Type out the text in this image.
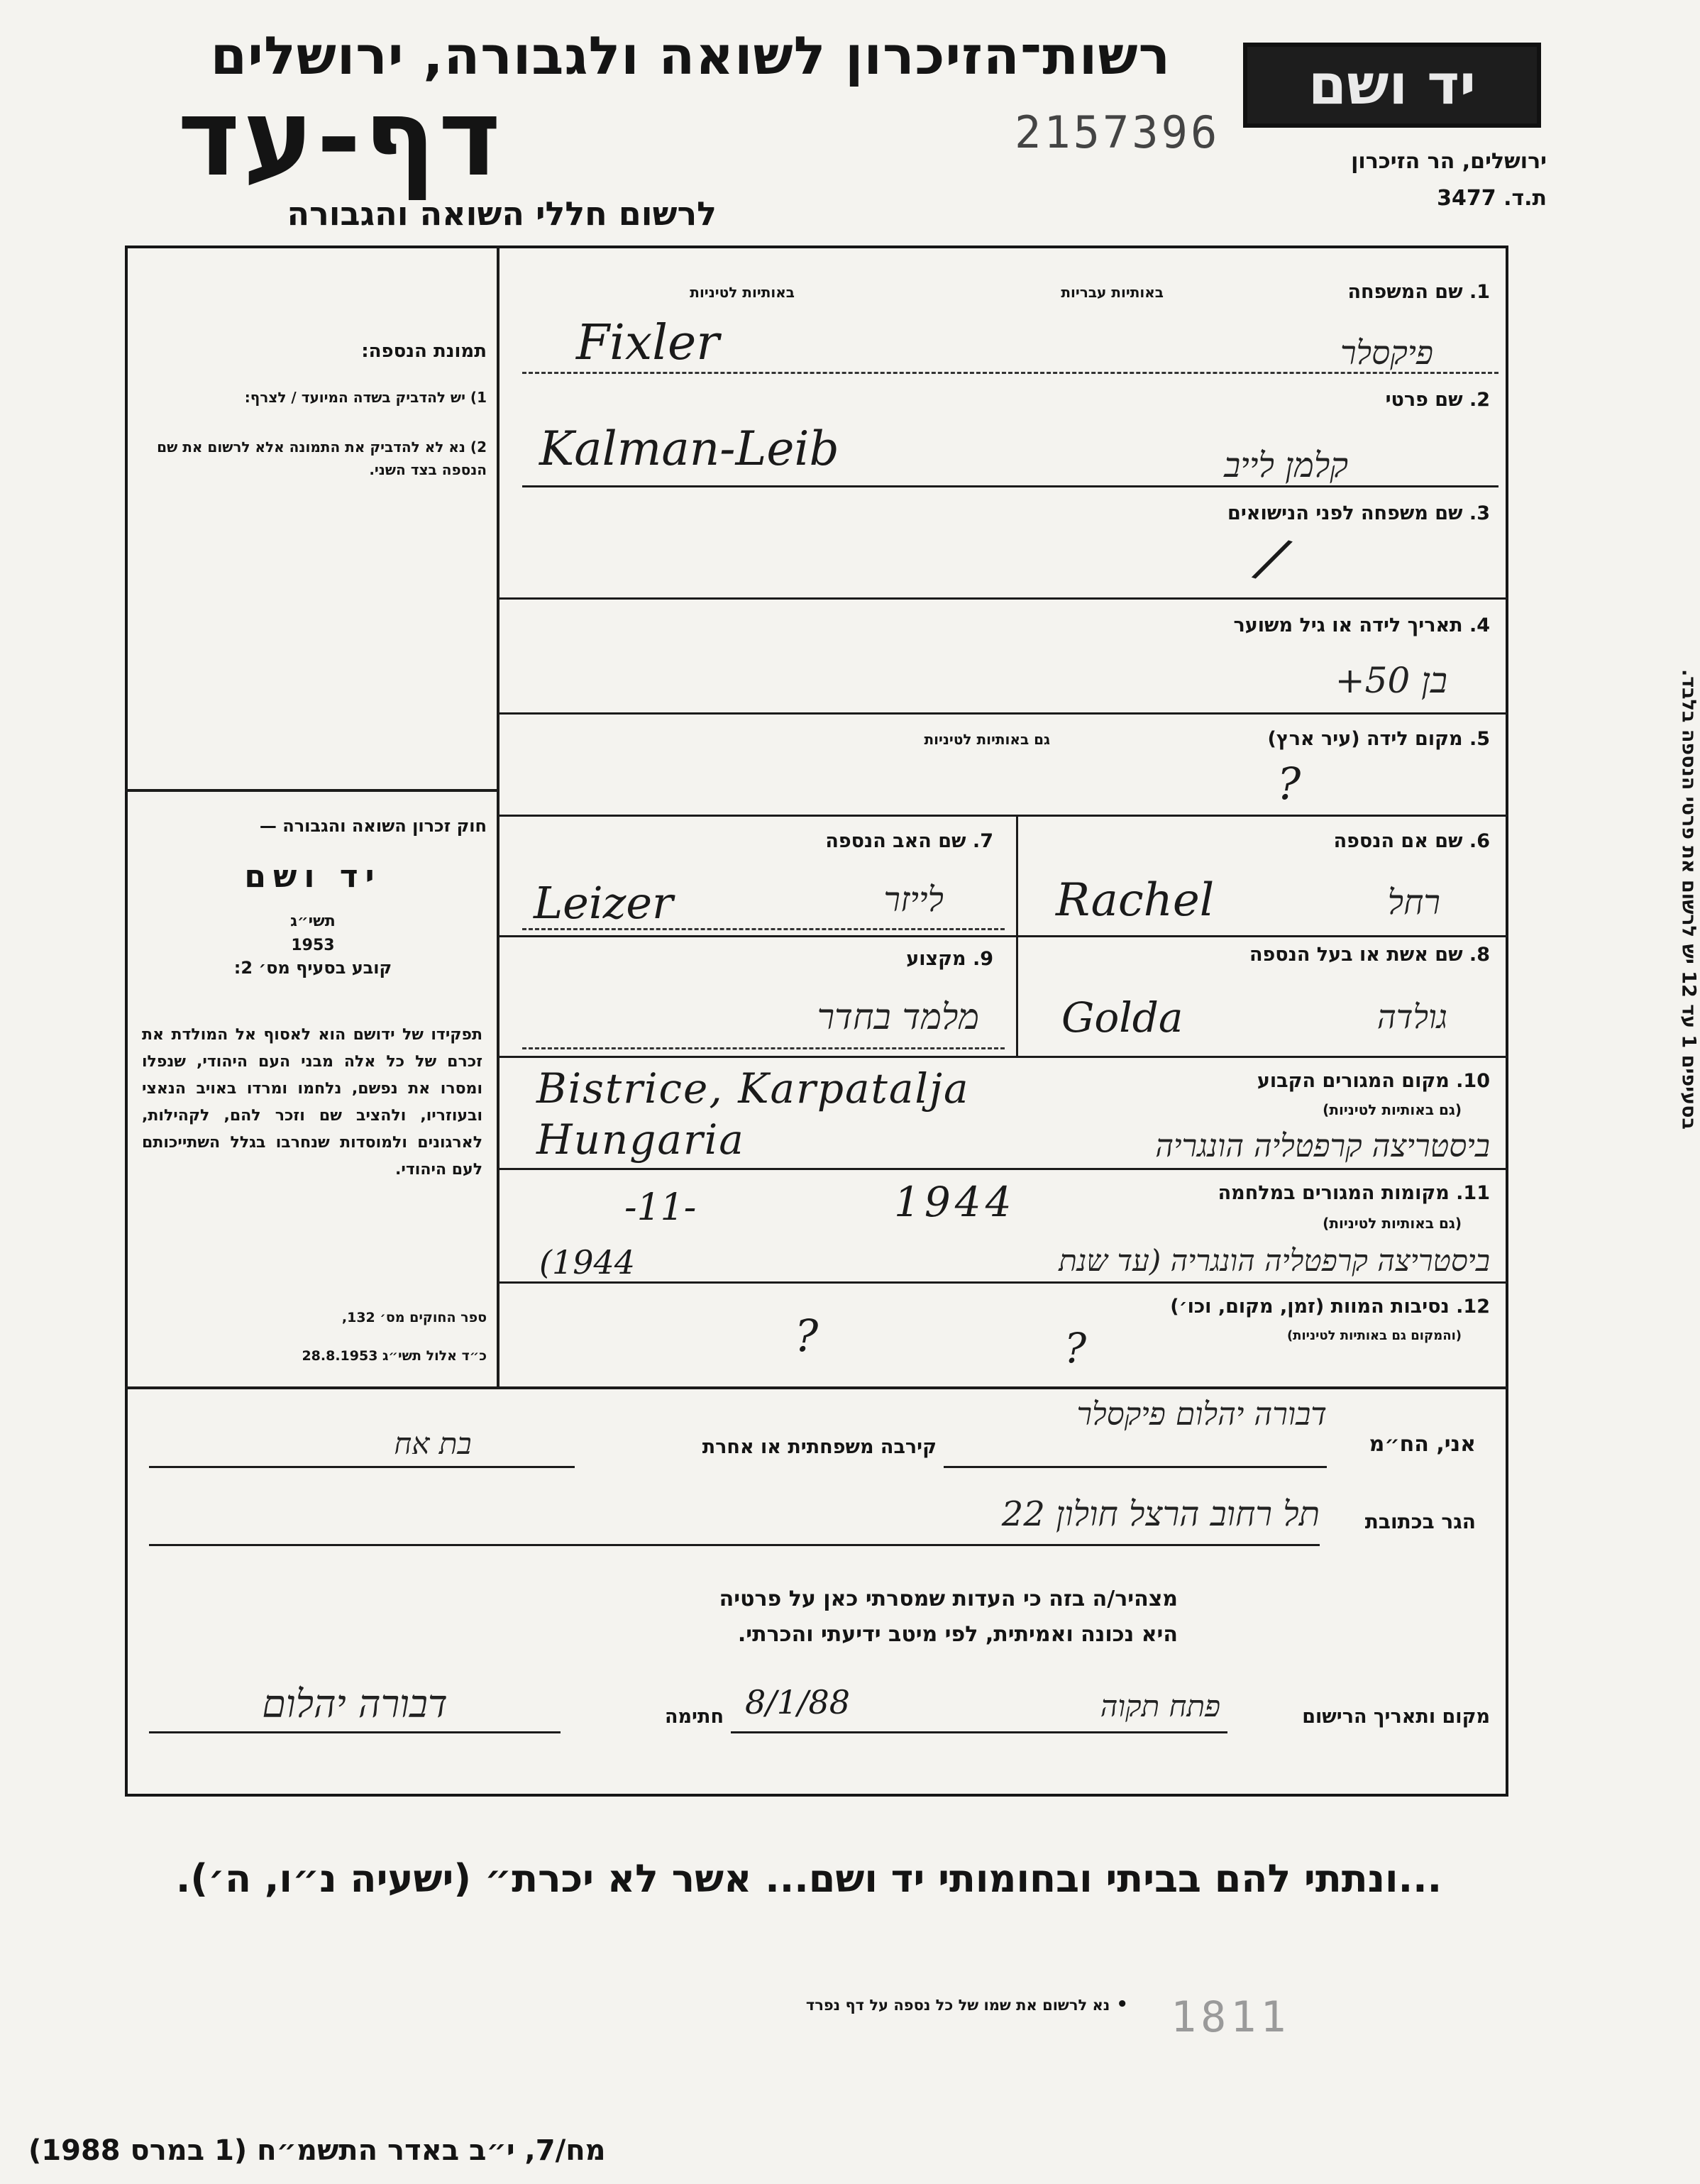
רשות־הזיכרון לשואה ולגבורה, ירושלים
דף-עד	2157396
לרשום חללי השואה והגבורה
יד ושם
ירושלים, הר הזיכרון
ת.ד. 3477
תמונת הנספה:
1) יש להדביק בשדה המיועד / לצרף:
2) נא לא להדביק את התמונה אלא לרשום את שם הנספה בצד השני.
חוק זכרון השואה והגבורה —
יד ושם
תשי״ג
1953
קובע בסעיף מס׳ 2:
תפקידו של ידושם הוא לאסוף אל המולדת את זכרם של כל אלה מבני העם היהודי, שנפלו ומסרו את נפשם, נלחמו ומרדו באויב הנאצי ובעוזריו, ולהציב שם וזכר להם, לקהילות, לארגונים ולמוסדות שנחרבו בגלל השתייכותם לעם היהודי.
ספר החוקים מס׳ 132,
כ״ד אלול תשי״ג 28.8.1953
1. שם המשפחה
באותיות עבריות
באותיות לטיניות
Fixler	פיקסלר
2. שם פרטי
Kalman-Leib	קלמן לייב
3. שם משפחה לפני הנישואים
/
4. תאריך לידה או גיל משוער
בן 50+
5. מקום לידה (עיר ארץ)
גם באותיות לטיניות
?
6. שם אם הנספה
Rachel	רחל
7. שם האב הנספה
Leizer	לייזר
8. שם אשת או בעל הנספה
Golda	גולדה
9. מקצוע
מלמד בחדר
10. מקום המגורים הקבוע
(גם באותיות לטיניות)
Bistrice, Karpatalja
Hungaria	ביסטריצה קרפטליה הונגריה
11. מקומות המגורים במלחמה
(גם באותיות לטיניות)
-11-	1944
(1944	ביסטריצה קרפטליה הונגריה (עד שנת
12. נסיבות המוות (זמן, מקום, וכו׳)
(והמקום גם באותיות לטיניות)
?	?
אני, הח״מ
דבורה יהלום פיקסלר
קירבה משפחתית או אחרת
בת אח
הגר בכתובת
תל רחוב הרצל חולון 22
מצהיר/ה בזה כי העדות שמסרתי כאן על פרטיה
היא נכונה ואמיתית, לפי מיטב ידיעתי והכרתי.
מקום ותאריך הרישום
פתח תקוה
8/1/88
חתימה
דבורה יהלום
בסעיפים 1 עד 12 יש לרשום את פרטי הנספה בלבד.
...ונתתי להם בביתי ובחומותי יד ושם... אשר לא יכרת״ (ישעיה נ״ו, ה׳).
• נא לרשום את שמו של כל נספה על דף נפרד	1811
מח/7, י״ב באדר התשמ״ח (1 במרס 1988)
